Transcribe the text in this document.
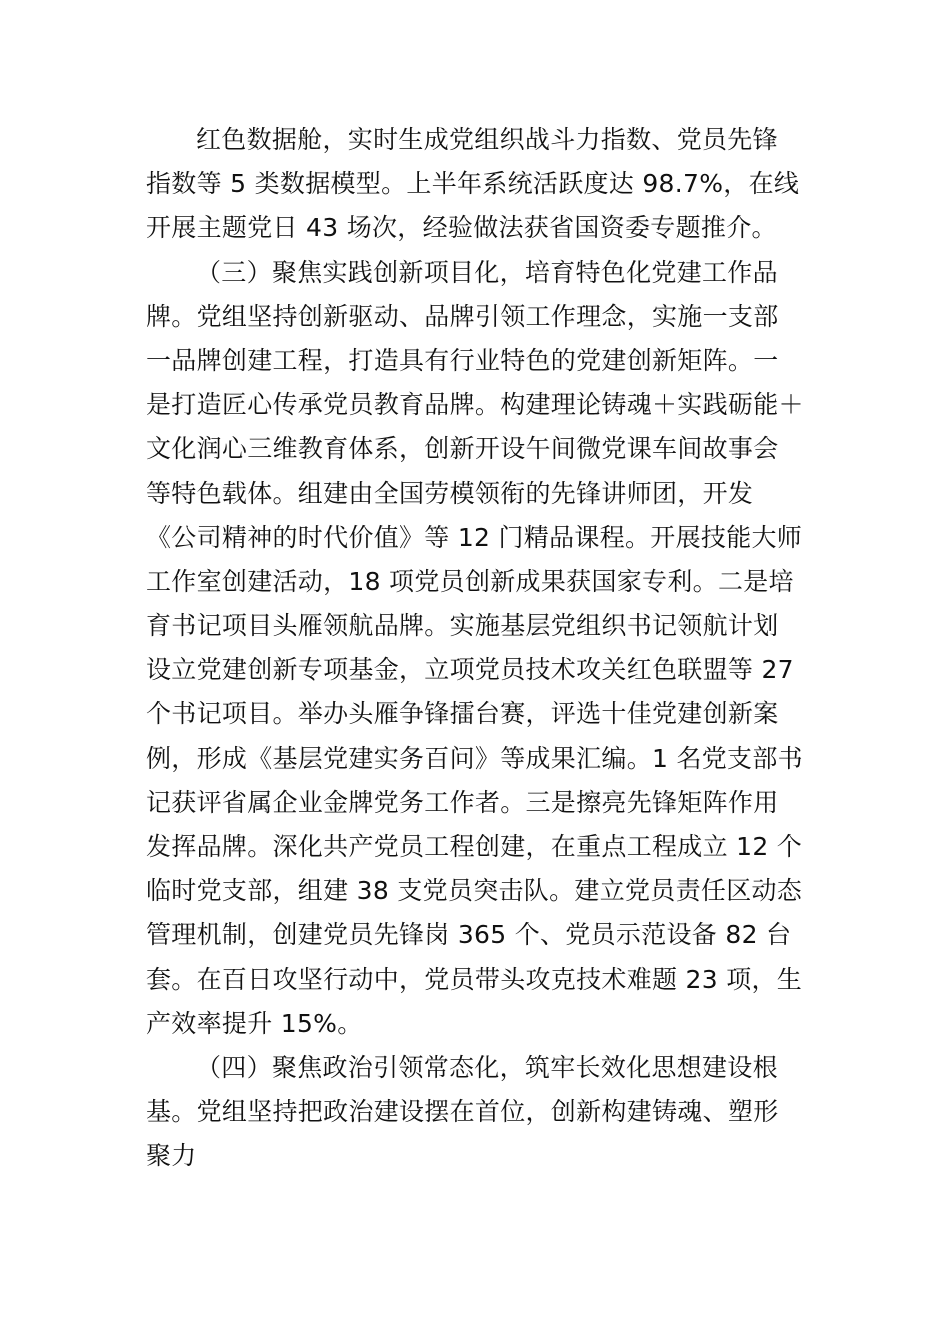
红色数据舱，实时生成党组织战斗力指数、党员先锋
指数等 5 类数据模型。上半年系统活跃度达 98.7%，在线
开展主题党日 43 场次，经验做法获省国资委专题推介。
（三）聚焦实践创新项目化，培育特色化党建工作品
牌。党组坚持创新驱动、品牌引领工作理念，实施一支部
一品牌创建工程，打造具有行业特色的党建创新矩阵。一
是打造匠心传承党员教育品牌。构建理论铸魂＋实践砺能＋
文化润心三维教育体系，创新开设午间微党课车间故事会
等特色载体。组建由全国劳模领衔的先锋讲师团，开发
《公司精神的时代价值》等 12 门精品课程。开展技能大师
工作室创建活动，18 项党员创新成果获国家专利。二是培
育书记项目头雁领航品牌。实施基层党组织书记领航计划
设立党建创新专项基金，立项党员技术攻关红色联盟等 27
个书记项目。举办头雁争锋擂台赛，评选十佳党建创新案
例，形成《基层党建实务百问》等成果汇编。1 名党支部书
记获评省属企业金牌党务工作者。三是擦亮先锋矩阵作用
发挥品牌。深化共产党员工程创建，在重点工程成立 12 个
临时党支部，组建 38 支党员突击队。建立党员责任区动态
管理机制，创建党员先锋岗 365 个、党员示范设备 82 台
套。在百日攻坚行动中，党员带头攻克技术难题 23 项，生
产效率提升 15%。
（四）聚焦政治引领常态化，筑牢长效化思想建设根
基。党组坚持把政治建设摆在首位，创新构建铸魂、塑形
聚力
